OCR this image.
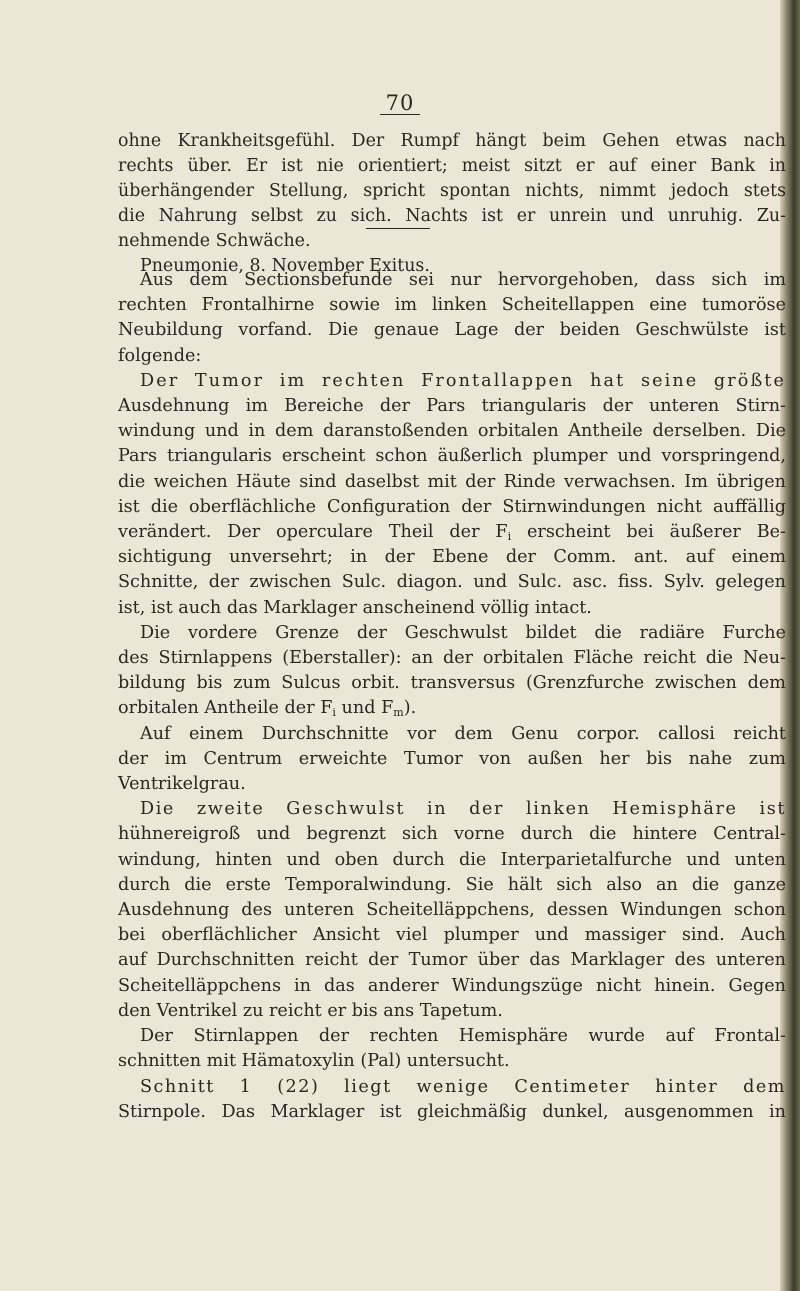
70
ohne Krankheitsgefühl. Der Rumpf hängt beim Gehen etwas nach
rechts über. Er ist nie orientiert; meist sitzt er auf einer Bank in
überhängender Stellung, spricht spontan nichts, nimmt jedoch stets
die Nahrung selbst zu sich. Nachts ist er unrein und unruhig. Zu-
nehmende Schwäche.
Pneumonie, 8. November Exitus.
Aus dem Sectionsbefunde sei nur hervorgehoben, dass sich im
rechten Frontalhirne sowie im linken Scheitellappen eine tumoröse
Neubildung vorfand. Die genaue Lage der beiden Geschwülste ist
folgende:
Der Tumor im rechten Frontallappen hat seine größte
Ausdehnung im Bereiche der Pars triangularis der unteren Stirn-
windung und in dem daranstoßenden orbitalen Antheile derselben. Die
Pars triangularis erscheint schon äußerlich plumper und vorspringend,
die weichen Häute sind daselbst mit der Rinde verwachsen. Im übrigen
ist die oberflächliche Configuration der Stirnwindungen nicht auffällig
verändert. Der operculare Theil der $F_i$ erscheint bei äußerer Be-
sichtigung unversehrt; in der Ebene der Comm. ant. auf einem
Schnitte, der zwischen Sulc. diagon. und Sulc. asc. fiss. Sylv. gelegen
ist, ist auch das Marklager anscheinend völlig intact.
Die vordere Grenze der Geschwulst bildet die radiäre Furche
des Stirnlappens (Eberstaller): an der orbitalen Fläche reicht die Neu-
bildung bis zum Sulcus orbit. transversus (Grenzfurche zwischen dem
orbitalen Antheile der $F_i$ und $F_m$).
Auf einem Durchschnitte vor dem Genu corpor. callosi reicht
der im Centrum erweichte Tumor von außen her bis nahe zum
Ventrikelgrau.
Die zweite Geschwulst in der linken Hemisphäre ist
hühnereigroß und begrenzt sich vorne durch die hintere Central-
windung, hinten und oben durch die Interparietalfurche und unten
durch die erste Temporalwindung. Sie hält sich also an die ganze
Ausdehnung des unteren Scheitelläppchens, dessen Windungen schon
bei oberflächlicher Ansicht viel plumper und massiger sind. Auch
auf Durchschnitten reicht der Tumor über das Marklager des unteren
Scheitelläppchens in das anderer Windungszüge nicht hinein. Gegen
den Ventrikel zu reicht er bis ans Tapetum.
Der Stirnlappen der rechten Hemisphäre wurde auf Frontal-
schnitten mit Hämatoxylin (Pal) untersucht.
Schnitt 1 (22) liegt wenige Centimeter hinter dem
Stirnpole. Das Marklager ist gleichmäßig dunkel, ausgenommen in
